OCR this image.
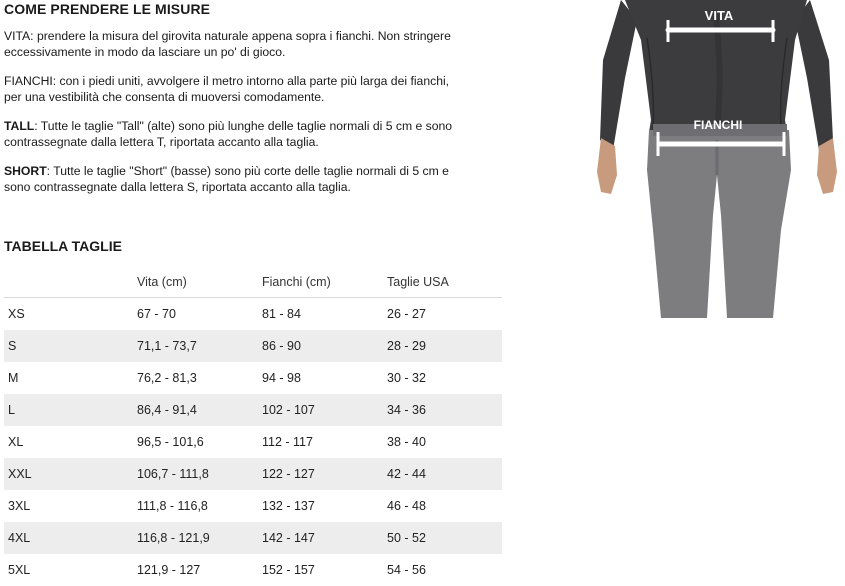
COME PRENDERE LE MISURE
VITA: prendere la misura del girovita naturale appena sopra i fianchi. Non stringere eccessivamente in modo da lasciare un po' di gioco.
FIANCHI: con i piedi uniti, avvolgere il metro intorno alla parte più larga dei fianchi, per una vestibilità che consenta di muoversi comodamente.
TALL: Tutte le taglie "Tall" (alte) sono più lunghe delle taglie normali di 5 cm e sono contrassegnate dalla lettera T, riportata accanto alla taglia.
SHORT: Tutte le taglie "Short" (basse) sono più corte delle taglie normali di 5 cm e sono contrassegnate dalla lettera S, riportata accanto alla taglia.
TABELLA TAGLIE
	Vita (cm)	Fianchi (cm)	Taglie USA
XS	67 - 70	81 - 84	26 - 27
S	71,1 - 73,7	86 - 90	28 - 29
M	76,2 - 81,3	94 - 98	30 - 32
L	86,4 - 91,4	102 - 107	34 - 36
XL	96,5 - 101,6	112 - 117	38 - 40
XXL	106,7 - 111,8	122 - 127	42 - 44
3XL	111,8 - 116,8	132 - 137	46 - 48
4XL	116,8 - 121,9	142 - 147	50 - 52
5XL	121,9 - 127	152 - 157	54 - 56
VITA
FIANCHI
